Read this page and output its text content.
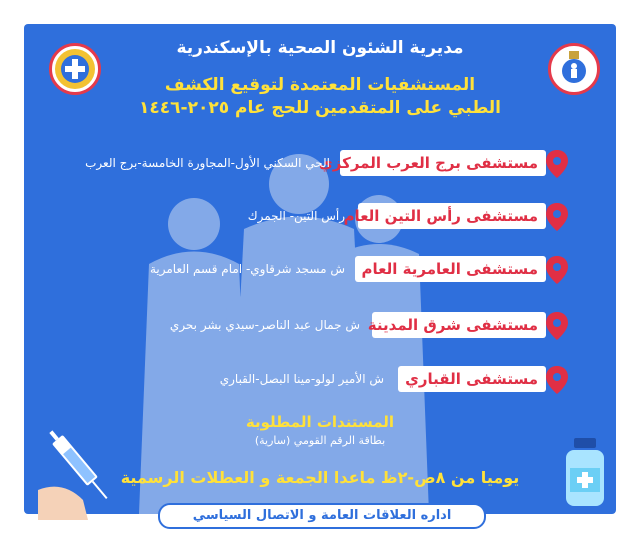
مديرية الشئون الصحية بالإسكندرية
المستشفيات المعتمدة لتوقيع الكشف
الطبي على المتقدمين للحج عام ٢٠٢٥-١٤٤٦
مستشفى برج العرب المركزي
الحي السكني الأول-المجاورة الخامسة-برج العرب
مستشفى رأس التين العام
رأس التين- الجمرك
مستشفى العامرية العام
ش مسجد شرقاوي- امام قسم العامرية
مستشفى شرق المدينة
ش جمال عبد الناصر-سيدي بشر بحري
مستشفى القباري
ش الأمير لولو-مينا البصل-القباري
المستندات المطلوبة
بطاقة الرقم القومي (سارية)
يوميا من ٨ص-٢ظ ماعدا الجمعة و العطلات الرسمية
اداره العلاقات العامة و الاتصال السياسي
